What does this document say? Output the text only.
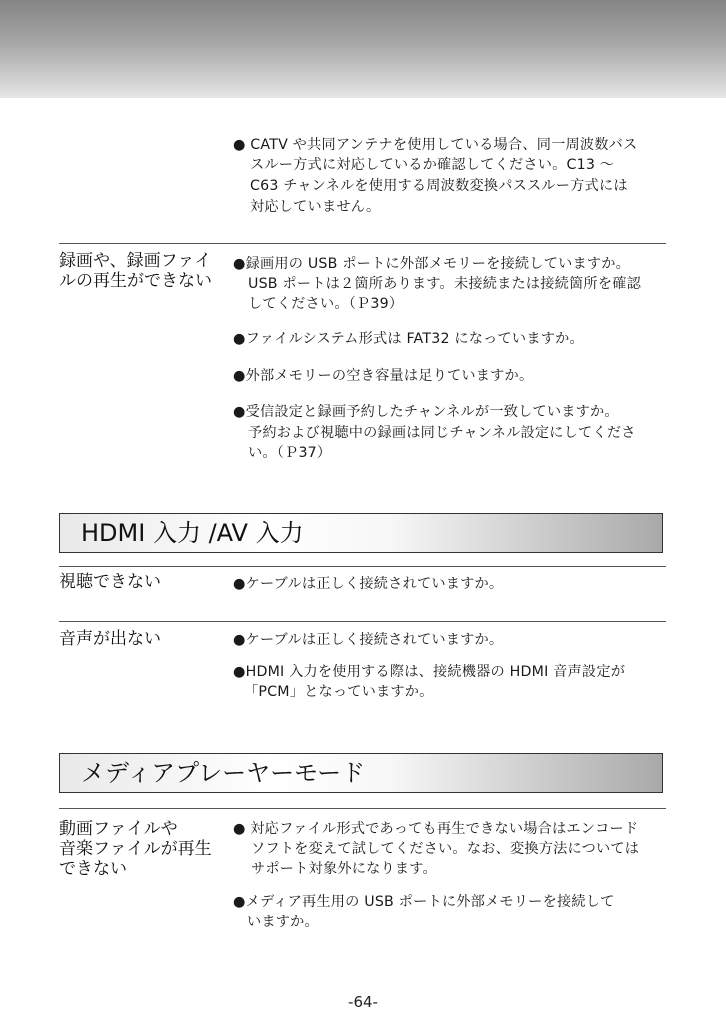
● CATV や共同アンテナを使用している場合、同一周波数バス
スルー方式に対応しているか確認してください。C13 〜
C63 チャンネルを使用する周波数変換パススルー方式には
対応していません。
録画や、録画ファイ
ルの再生ができない
●録画用の USB ポートに外部メモリーを接続していますか。
USB ポートは２箇所あります。未接続または接続箇所を確認
してください。（Ｐ39）
●ファイルシステム形式は FAT32 になっていますか。
●外部メモリーの空き容量は足りていますか。
●受信設定と録画予約したチャンネルが一致していますか。
予約および視聴中の録画は同じチャンネル設定にしてくださ
い。（Ｐ37）
HDMI 入力 /AV 入力
視聴できない	●ケーブルは正しく接続されていますか。
音声が出ない	●ケーブルは正しく接続されていますか。
●HDMI 入力を使用する際は、接続機器の HDMI 音声設定が
「PCM」となっていますか。
メディアプレーヤーモード
動画ファイルや
音楽ファイルが再生
できない
● 対応ファイル形式であっても再生できない場合はエンコード
ソフトを変えて試してください。なお、変換方法については
サポート対象外になります。
●メディア再生用の USB ポートに外部メモリーを接続して
いますか。
-64-
